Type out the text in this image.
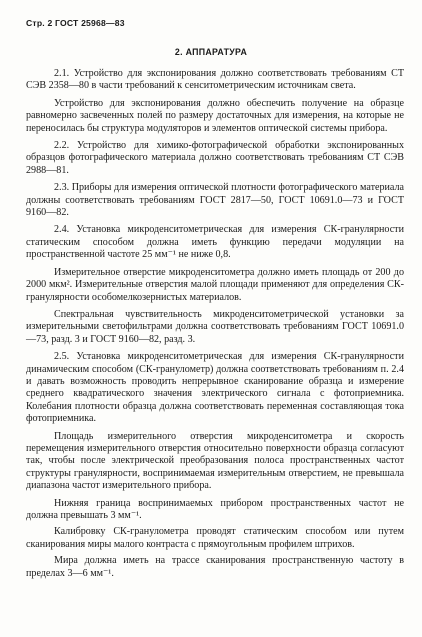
Стр. 2 ГОСТ 25968—83
2. АППАРАТУРА

2.1. Устройство для экспонирования должно соответствовать требованиям СТ СЭВ 2358—80 в части требований к сенситометрическим источникам света.

Устройство для экспонирования должно обеспечить получение на образце равномерно засвеченных полей по размеру достаточных для измерения, на которые не переносилась бы структура модуляторов и элементов оптической системы прибора.

2.2. Устройство для химико-фотографической обработки экспонированных образцов фотографического материала должно соответствовать требованиям СТ СЭВ 2988—81.

2.3. Приборы для измерения оптической плотности фотографического материала должны соответствовать требованиям ГОСТ 2817—50, ГОСТ 10691.0—73 и ГОСТ 9160—82.

2.4. Установка микроденситометрическая для измерения СК-гранулярности статическим способом должна иметь функцию передачи модуляции на пространственной частоте 25 мм⁻¹ не ниже 0,8.

Измерительное отверстие микроденситометра должно иметь площадь от 200 до 2000 мкм². Измерительные отверстия малой площади применяют для определения СК-гранулярности особомелкозернистых материалов.

Спектральная чувствительность микроденситометрической установки за измерительными светофильтрами должна соответствовать требованиям ГОСТ 10691.0—73, разд. 3 и ГОСТ 9160—82, разд. 3.

2.5. Установка микроденситометрическая для измерения СК-гранулярности динамическим способом (СК-гранулометр) должна соответствовать требованиям п. 2.4 и давать возможность проводить непрерывное сканирование образца и измерение среднего квадратического значения электрического сигнала с фотоприемника. Колебания плотности образца должна соответствовать переменная составляющая тока фотоприемника.

Площадь измерительного отверстия микроденситометра и скорость перемещения измерительного отверстия относительно поверхности образца согласуют так, чтобы после электрической преобразования полоса пространственных частот структуры гранулярности, воспринимаемая измерительным отверстием, не превышала диапазона частот измерительного прибора.

Нижняя граница воспринимаемых прибором пространственных частот не должна превышать 3 мм⁻¹.

Калибровку СК-гранулометра проводят статическим способом или путем сканирования миры малого контраста с прямоугольным профилем штрихов.

Мира должна иметь на трассе сканирования пространственную частоту в пределах 3—6 мм⁻¹.
